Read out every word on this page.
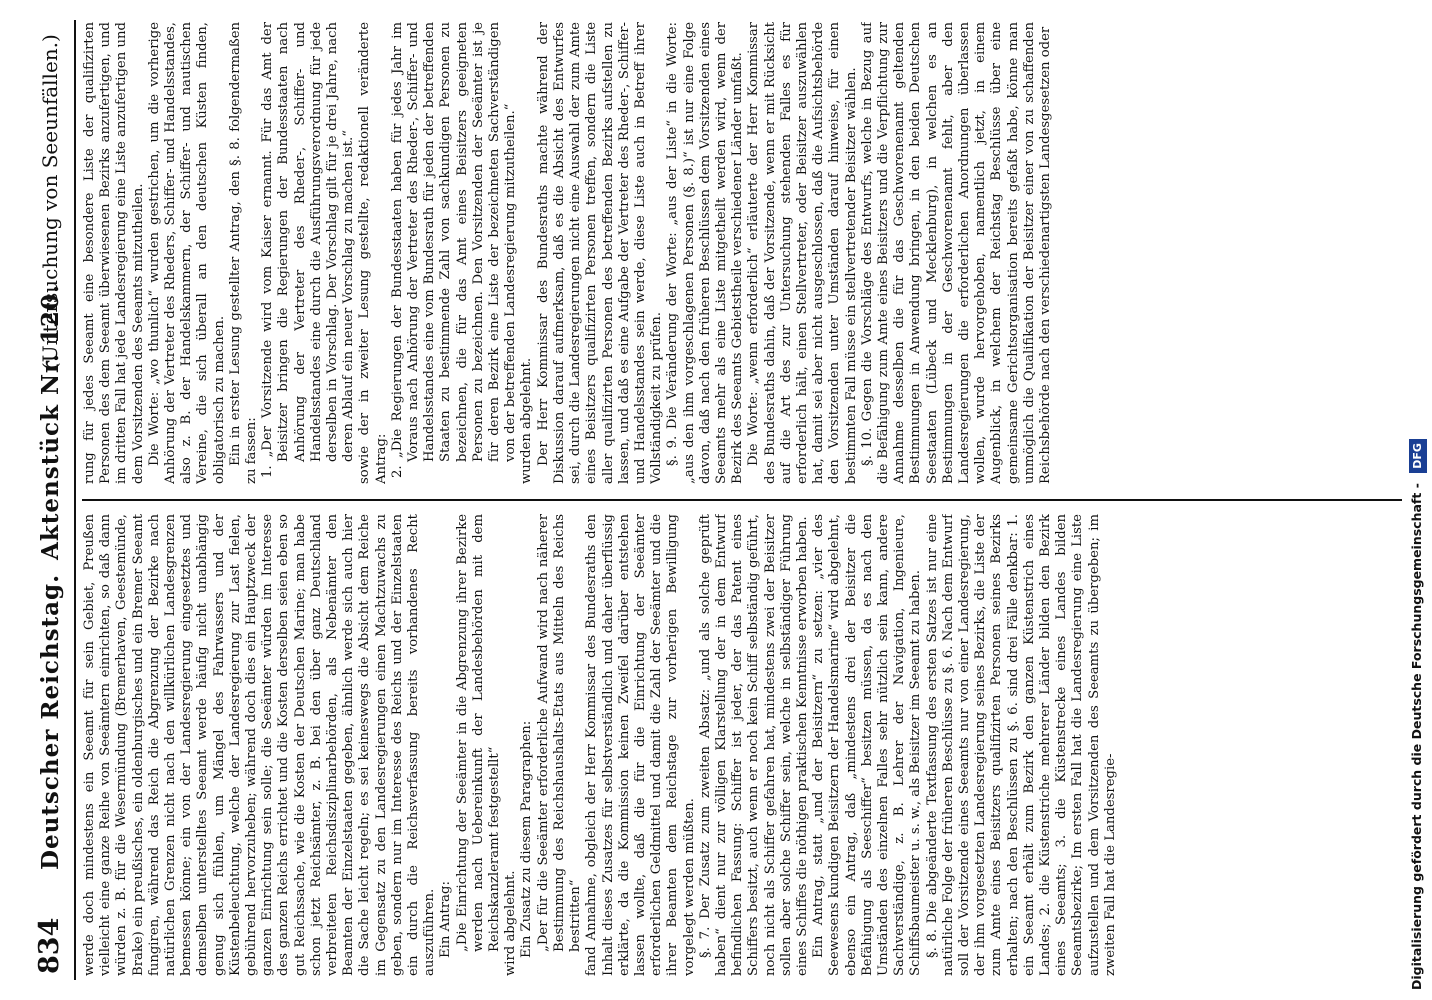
834
Deutscher Reichstag.
Aktenstück Nr. 120.
(Untersuchung von Seeunfällen.)

werde doch mindestens ein Seeamt für sein Gebiet, Preußen vielleicht eine ganze Reihe von Seeämtern einrichten, so daß dann würden z. B. für die Wesermündung (Bremerhaven, Geestemünde, Brake) ein preußisches, ein oldenburgisches und ein Bremer Seeamt fungiren, während das Reich die Abgrenzung der Bezirke nach natürlichen Grenzen nicht nach den willkürlichen Landesgrenzen bemessen könne; ein von der Landesregierung eingesetztes und demselben unterstelltes Seeamt werde häufig nicht unabhängig genug sich fühlen, um Mängel des Fahrwassers und der Küstenbeleuchtung, welche der Landesregierung zur Last fielen, gebührend hervorzuheben; während doch dies ein Hauptzweck der ganzen Einrichtung sein solle; die Seeämter würden im Interesse des ganzen Reichs errichtet und die Kosten derselben seien eben so gut Reichssache, wie die Kosten der Deutschen Marine; man habe schon jetzt Reichsämter, z. B. bei den über ganz Deutschland verbreiteten Reichsdisziplinarbehörden, als Nebenämter den Beamten der Einzelstaaten gegeben, ähnlich werde sich auch hier die Sache leicht regeln; es sei keineswegs die Absicht dem Reiche im Gegensatz zu den Landesregierungen einen Machtzuwachs zu geben, sondern nur im Interesse des Reichs und der Einzelstaaten ein durch die Reichsverfassung bereits vorhandenes Recht auszuführen. Ein Antrag: „Die Einrichtung der Seeämter in die Abgrenzung ihrer Bezirke werden nach Uebereinkunft der Landesbehörden mit dem Reichskanzleramt festgestellt“ wird abgelehnt. Ein Zusatz zu diesem Paragraphen: „Der für die Seeämter erforderliche Aufwand wird nach näherer Bestimmung des Reichshaushalts-Etats aus Mitteln des Reichs bestritten“ fand Annahme, obgleich der Herr Kommissar des Bundesraths den Inhalt dieses Zusatzes für selbstverständlich und daher überflüssig erklärte, da die Kommission keinen Zweifel darüber entstehen lassen wollte, daß die für die Einrichtung der Seeämter erforderlichen Geldmittel und damit die Zahl der Seeämter und die ihrer Beamten dem Reichstage zur vorherigen Bewilligung vorgelegt werden müßten. §. 7. Der Zusatz zum zweiten Absatz: „und als solche geprüft haben“ dient nur zur völligen Klarstellung der in dem Entwurf befindlichen Fassung: Schiffer ist jeder, der das Patent eines Schiffers besitzt, auch wenn er noch kein Schiff selbständig geführt, noch nicht als Schiffer gefahren hat, mindestens zwei der Beisitzer sollen aber solche Schiffer sein, welche in selbständiger Führung eines Schiffes die nöthigen praktischen Kenntnisse erworben haben. Ein Antrag, statt „und der Beisitzern“ zu setzen: „vier des Seewesens kundigen Beisitzern der Handelsmarine“ wird abgelehnt, ebenso ein Antrag, daß „mindestens drei der Beisitzer die Befähigung als Seeschiffer“ besitzen müssen, da es nach den Umständen des einzelnen Falles sehr nützlich sein kann, andere Sachverständige, z. B. Lehrer der Navigation, Ingenieure, Schiffsbaumeister u. s. w., als Beisitzer im Seeamt zu haben. §. 8. Die abgeänderte Textfassung des ersten Satzes ist nur eine natürliche Folge der früheren Beschlüsse zu §. 6. Nach dem Entwurf soll der Vorsitzende eines Seeamts nur von einer Landesregierung, der ihm vorgesetzten Landesregierung seines Bezirks, die Liste der zum Amte eines Beisitzers qualifizirten Personen seines Bezirks erhalten; nach den Beschlüssen zu §. 6. sind drei Fälle denkbar: 1. ein Seeamt erhält zum Bezirk den ganzen Küstenstrich eines Landes; 2. die Küstenstriche mehrerer Länder bilden den Bezirk eines Seeamts; 3. die Küstenstrecke eines Landes bilden Seeamtsbezirke; Im ersten Fall hat die Landesregierung eine Liste aufzustellen und dem Vorsitzenden des Seeamts zu übergeben; im zweiten Fall hat die Landesregie-

rung für jedes Seeamt eine besondere Liste der qualifizirten Personen des dem Seeamt überwiesenen Bezirks anzufertigen, und im dritten Fall hat jede Landesregierung eine Liste anzufertigen und dem Vorsitzenden des Seeamts mitzutheilen. Die Worte: „wo thunlich“ wurden gestrichen, um die vorherige Anhörung der Vertreter des Rheders, Schiffer- und Handelsstandes, also z. B. der Handelskammern, der Schiffer- und nautischen Vereine, die sich überall an den deutschen Küsten finden, obligatorisch zu machen. Ein in erster Lesung gestellter Antrag, den §. 8. folgendermaßen zu fassen: 1. „Der Vorsitzende wird vom Kaiser ernannt. Für das Amt der Beisitzer bringen die Regierungen der Bundesstaaten nach Anhörung der Vertreter des Rheder-, Schiffer- und Handelsstandes eine durch die Ausführungsverordnung für jede derselben in Vorschlag. Der Vorschlag gilt für je drei Jahre, nach deren Ablauf ein neuer Vorschlag zu machen ist.“ sowie der in zweiter Lesung gestellte, redaktionell veränderte Antrag: 2. „Die Regierungen der Bundesstaaten haben für jedes Jahr im Voraus nach Anhörung der Vertreter des Rheder-, Schiffer- und Handelsstandes eine vom Bundesrath für jeden der betreffenden Staaten zu bestimmende Zahl von sachkundigen Personen zu bezeichnen, die für das Amt eines Beisitzers geeigneten Personen zu bezeichnen. Den Vorsitzenden der Seeämter ist je für deren Bezirk eine Liste der bezeichneten Sachverständigen von der betreffenden Landesregierung mitzutheilen.“ wurden abgelehnt. Der Herr Kommissar des Bundesraths machte während der Diskussion darauf aufmerksam, daß es die Absicht des Entwurfes sei, durch die Landesregierungen nicht eine Auswahl der zum Amte eines Beisitzers qualifizirten Personen treffen, sondern die Liste aller qualifizirten Personen des betreffenden Bezirks aufstellen zu lassen, und daß es eine Aufgabe der Vertreter des Rheder-, Schiffer- und Handelsstandes sein werde, diese Liste auch in Betreff ihrer Vollständigkeit zu prüfen. §. 9. Die Veränderung der Worte: „aus der Liste“ in die Worte: „aus den ihm vorgeschlagenen Personen (§. 8.)“ ist nur eine Folge davon, daß nach den früheren Beschlüssen dem Vorsitzenden eines Seeamts mehr als eine Liste mitgetheilt werden wird, wenn der Bezirk des Seeamts Gebietstheile verschiedener Länder umfaßt. Die Worte: „wenn erforderlich“ erläuterte der Herr Kommissar des Bundesraths dahin, daß der Vorsitzende, wenn er mit Rücksicht auf die Art des zur Untersuchung stehenden Falles es für erforderlich hält, einen Stellvertreter, oder Beisitzer auszuwählen hat, damit sei aber nicht ausgeschlossen, daß die Aufsichtsbehörde den Vorsitzenden unter Umständen darauf hinweise, für einen bestimmten Fall müsse ein stellvertretender Beisitzer wählen. §. 10. Gegen die Vorschläge des Entwurfs, welche in Bezug auf die Befähigung zum Amte eines Beisitzers und die Verpflichtung zur Annahme desselben die für das Geschworenenamt geltenden Bestimmungen in Anwendung bringen, in den beiden Deutschen Seestaaten (Lübeck und Mecklenburg), in welchen es an Bestimmungen in der Geschworenenamt fehlt, aber den Landesregierungen die erforderlichen Anordnungen überlassen wollen, wurde hervorgehoben, namentlich jetzt, in einem Augenblick, in welchem der Reichstag Beschlüsse über eine gemeinsame Gerichtsorganisation bereits gefaßt habe, könne man unmöglich die Qualifikation der Beisitzer einer von zu schaffenden Reichsbehörde nach den verschiedenartigsten Landesgesetzen oder

Digitalisierung gefördert durch die Deutsche Forschungsgemeinschaft - DFG
